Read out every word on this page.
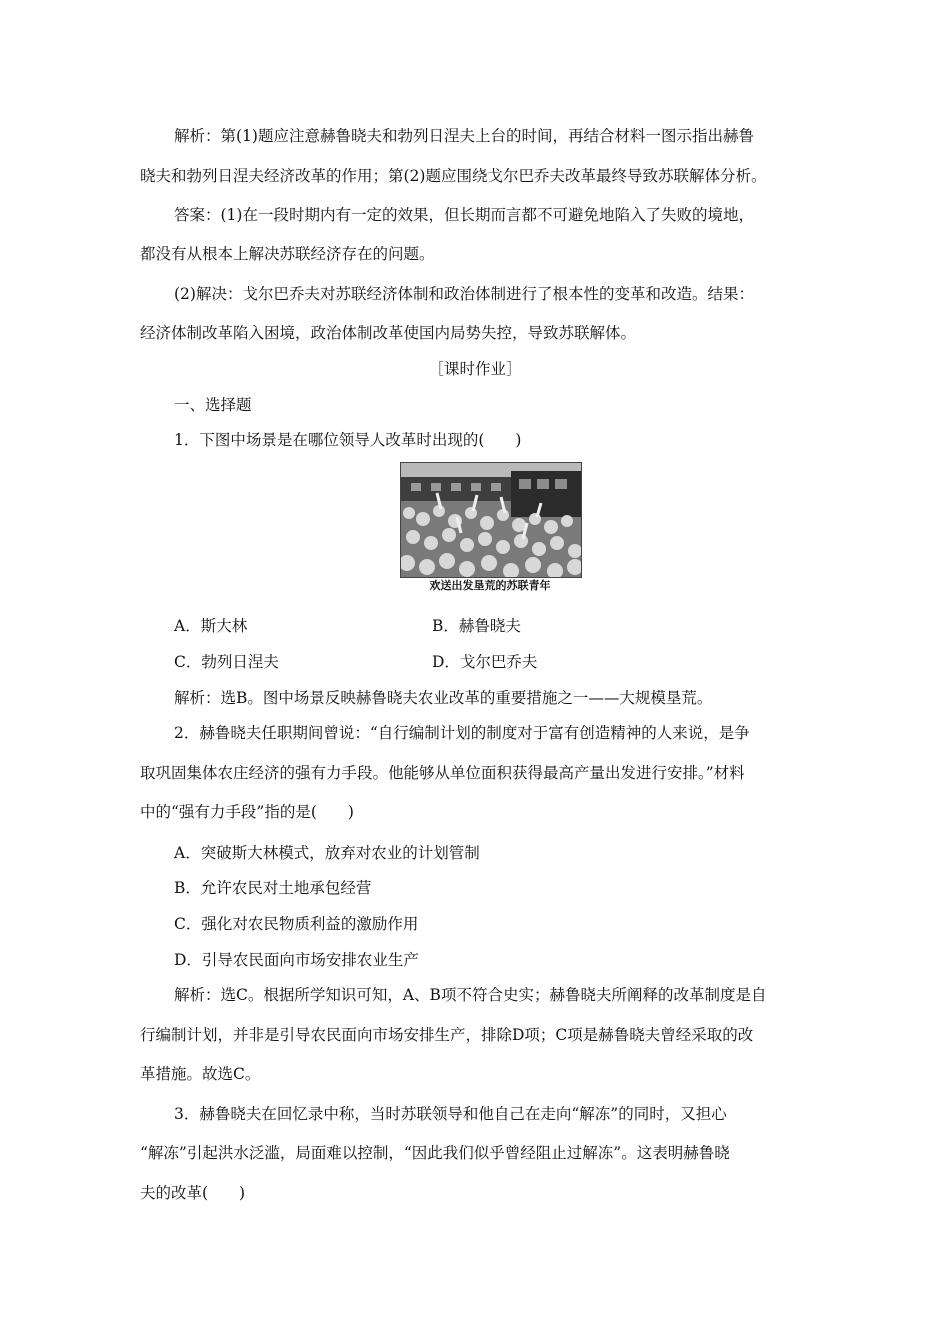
解析：第(1)题应注意赫鲁晓夫和勃列日涅夫上台的时间，再结合材料一图示指出赫鲁
晓夫和勃列日涅夫经济改革的作用；第(2)题应围绕戈尔巴乔夫改革最终导致苏联解体分析。
答案：(1)在一段时期内有一定的效果，但长期而言都不可避免地陷入了失败的境地，
都没有从根本上解决苏联经济存在的问题。
(2)解决：戈尔巴乔夫对苏联经济体制和政治体制进行了根本性的变革和改造。结果：
经济体制改革陷入困境，政治体制改革使国内局势失控，导致苏联解体。
［课时作业］
一、选择题
1．下图中场景是在哪位领导人改革时出现的(　　)
欢送出发垦荒的苏联青年
A．斯大林	B．赫鲁晓夫
C．勃列日涅夫	D．戈尔巴乔夫
解析：选B。图中场景反映赫鲁晓夫农业改革的重要措施之一——大规模垦荒。
2．赫鲁晓夫任职期间曾说：“自行编制计划的制度对于富有创造精神的人来说，是争
取巩固集体农庄经济的强有力手段。他能够从单位面积获得最高产量出发进行安排。”材料
中的“强有力手段”指的是(　　)
A．突破斯大林模式，放弃对农业的计划管制
B．允许农民对土地承包经营
C．强化对农民物质利益的激励作用
D．引导农民面向市场安排农业生产
解析：选C。根据所学知识可知，A、B项不符合史实；赫鲁晓夫所阐释的改革制度是自
行编制计划，并非是引导农民面向市场安排生产，排除D项；C项是赫鲁晓夫曾经采取的改
革措施。故选C。
3．赫鲁晓夫在回忆录中称，当时苏联领导和他自己在走向“解冻”的同时，又担心
“解冻”引起洪水泛滥，局面难以控制，“因此我们似乎曾经阻止过解冻”。这表明赫鲁晓
夫的改革(　　)
